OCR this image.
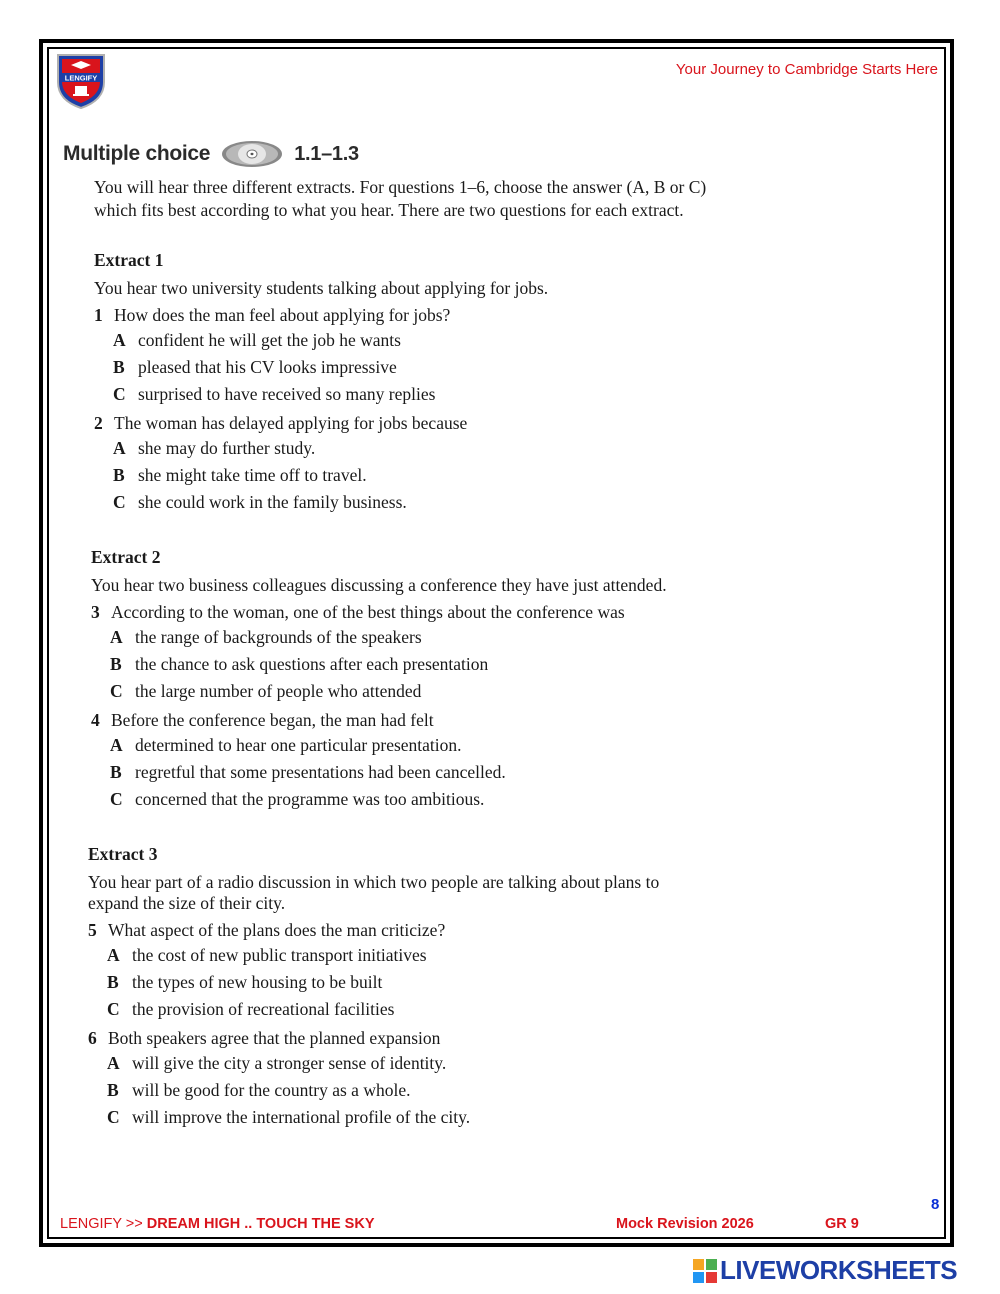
LENGIFY	Your Journey to Cambridge Starts Here
Multiple choice	1.1–1.3
You will hear three different extracts. For questions 1–6, choose the answer (A, B or C)
which fits best according to what you hear. There are two questions for each extract.
Extract 1
You hear two university students talking about applying for jobs.
1 How does the man feel about applying for jobs?
A confident he will get the job he wants
B pleased that his CV looks impressive
C surprised to have received so many replies
2 The woman has delayed applying for jobs because
A she may do further study.
B she might take time off to travel.
C she could work in the family business.
Extract 2
You hear two business colleagues discussing a conference they have just attended.
3 According to the woman, one of the best things about the conference was
A the range of backgrounds of the speakers
B the chance to ask questions after each presentation
C the large number of people who attended
4 Before the conference began, the man had felt
A determined to hear one particular presentation.
B regretful that some presentations had been cancelled.
C concerned that the programme was too ambitious.
Extract 3
You hear part of a radio discussion in which two people are talking about plans to
expand the size of their city.
5 What aspect of the plans does the man criticize?
A the cost of new public transport initiatives
B the types of new housing to be built
C the provision of recreational facilities
6 Both speakers agree that the planned expansion
A will give the city a stronger sense of identity.
B will be good for the country as a whole.
C will improve the international profile of the city.
8
LENGIFY >> DREAM HIGH .. TOUCH THE SKY	Mock Revision 2026	GR 9
LIVEWORKSHEETS
